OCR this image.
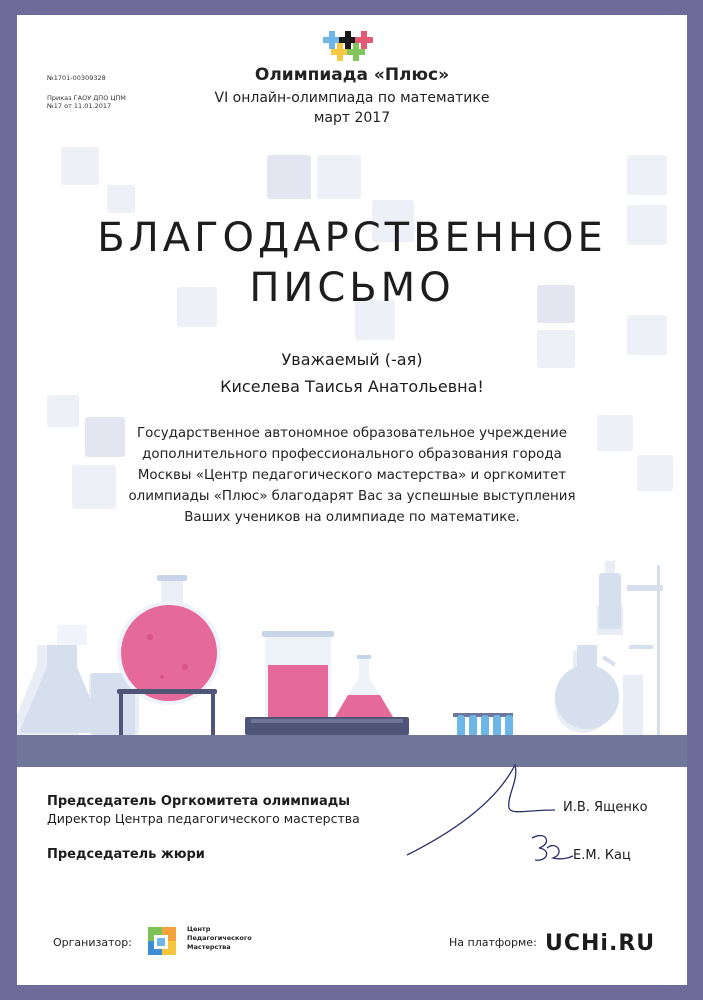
Олимпиада «Плюс»
VI онлайн-олимпиада по математике
март 2017
№1701-00309328
Приказ ГАОУ ДПО ЦПМ
№17 от 11.01.2017
БЛАГОДАРСТВЕННОЕ
ПИСЬМО
Уважаемый (-ая)
Киселева Таисья Анатольевна!
Государственное автономное образовательное учреждение
дополнительного профессионального образования города
Москвы «Центр педагогического мастерства» и оргкомитет
олимпиады «Плюс» благодарят Вас за успешные выступления
Ваших учеников на олимпиаде по математике.
Председатель Оргкомитета олимпиады
Директор Центра педагогического мастерства
И.В. Ященко
Председатель жюри	Е.М. Кац
Организатор:
Центр
Педагогического
Мастерства	На платформе: UCHi.RU
